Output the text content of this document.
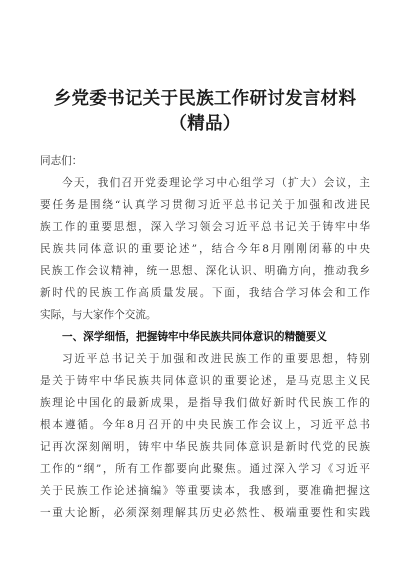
乡党委书记关于民族工作研讨发言材料
（精品）
同志们：
今天，我们召开党委理论学习中心组学习（扩大）会议，主
要任务是围绕“认真学习贯彻习近平总书记关于加强和改进民
族工作的重要思想，深入学习领会习近平总书记关于铸牢中华
民族共同体意识的重要论述”，结合今年8月刚刚闭幕的中央
民族工作会议精神，统一思想、深化认识、明确方向，推动我乡
新时代的民族工作高质量发展。下面，我结合学习体会和工作
实际，与大家作个交流。
一、深学细悟，把握铸牢中华民族共同体意识的精髓要义
习近平总书记关于加强和改进民族工作的重要思想，特别
是关于铸牢中华民族共同体意识的重要论述，是马克思主义民
族理论中国化的最新成果，是指导我们做好新时代民族工作的
根本遵循。今年8月召开的中央民族工作会议上，习近平总书
记再次深刻阐明，铸牢中华民族共同体意识是新时代党的民族
工作的“纲”，所有工作都要向此聚焦。通过深入学习《习近平
关于民族工作论述摘编》等重要读本，我感到，要准确把握这
一重大论断，必须深刻理解其历史必然性、极端重要性和实践
